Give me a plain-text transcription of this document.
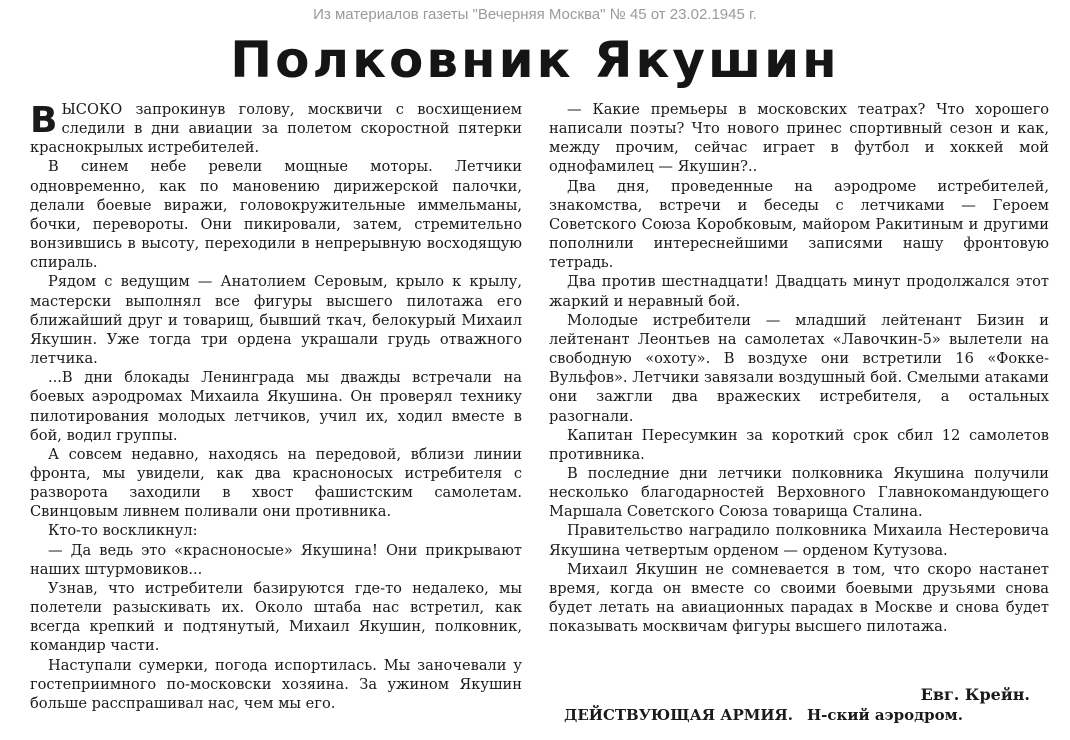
Из материалов газеты "Вечерняя Москва" № 45 от 23.02.1945 г.
Полковник Якушин

ВЫСОКО запрокинув голову, москвичи с восхищением следили в дни авиации за полетом скоростной пятерки краснокрылых истребителей.

В синем небе ревели мощные моторы. Летчики одновременно, как по мановению дирижерской палочки, делали боевые виражи, головокружительные иммельманы, бочки, перевороты. Они пикировали, затем, стремительно вонзившись в высоту, переходили в непрерывную восходящую спираль.

Рядом с ведущим — Анатолием Серовым, крыло к крылу, мастерски выполнял все фигуры высшего пилотажа его ближайший друг и товарищ, бывший ткач, белокурый Михаил Якушин. Уже тогда три ордена украшали грудь отважного летчика.

...В дни блокады Ленинграда мы дважды встречали на боевых аэродромах Михаила Якушина. Он проверял технику пилотирования молодых летчиков, учил их, ходил вместе в бой, водил группы.

А совсем недавно, находясь на передовой, вблизи линии фронта, мы увидели, как два красноносых истребителя с разворота заходили в хвост фашистским самолетам. Свинцовым ливнем поливали они противника.

Кто-то воскликнул:

— Да ведь это «красноносые» Якушина! Они прикрывают наших штурмовиков...

Узнав, что истребители базируются где-то недалеко, мы полетели разыскивать их. Около штаба нас встретил, как всегда крепкий и подтянутый, Михаил Якушин, полковник, командир части.

Наступали сумерки, погода испортилась. Мы заночевали у гостеприимного по-московски хозяина. За ужином Якушин больше расспрашивал нас, чем мы его.

— Какие премьеры в московских театрах? Что хорошего написали поэты? Что нового принес спортивный сезон и как, между прочим, сейчас играет в футбол и хоккей мой однофамилец — Якушин?..

Два дня, проведенные на аэродроме истребителей, знакомства, встречи и беседы с летчиками — Героем Советского Союза Коробковым, майором Ракитиным и другими пополнили интереснейшими записями нашу фронтовую тетрадь.

Два против шестнадцати! Двадцать минут продолжался этот жаркий и неравный бой.

Молодые истребители — младший лейтенант Бизин и лейтенант Леонтьев на самолетах «Лавочкин-5» вылетели на свободную «охоту». В воздухе они встретили 16 «Фокке-Вульфов». Летчики завязали воздушный бой. Смелыми атаками они зажгли два вражеских истребителя, а остальных разогнали.

Капитан Пересумкин за короткий срок сбил 12 самолетов противника.

В последние дни летчики полковника Якушина получили несколько благодарностей Верховного Главнокомандующего Маршала Советского Союза товарища Сталина.

Правительство наградило полковника Михаила Нестеровича Якушина четвертым орденом — орденом Кутузова.

Михаил Якушин не сомневается в том, что скоро настанет время, когда он вместе со своими боевыми друзьями снова будет летать на авиационных парадах в Москве и снова будет показывать москвичам фигуры высшего пилотажа.

Евг. Крейн.
ДЕЙСТВУЮЩАЯ АРМИЯ. Н-ский аэродром.
